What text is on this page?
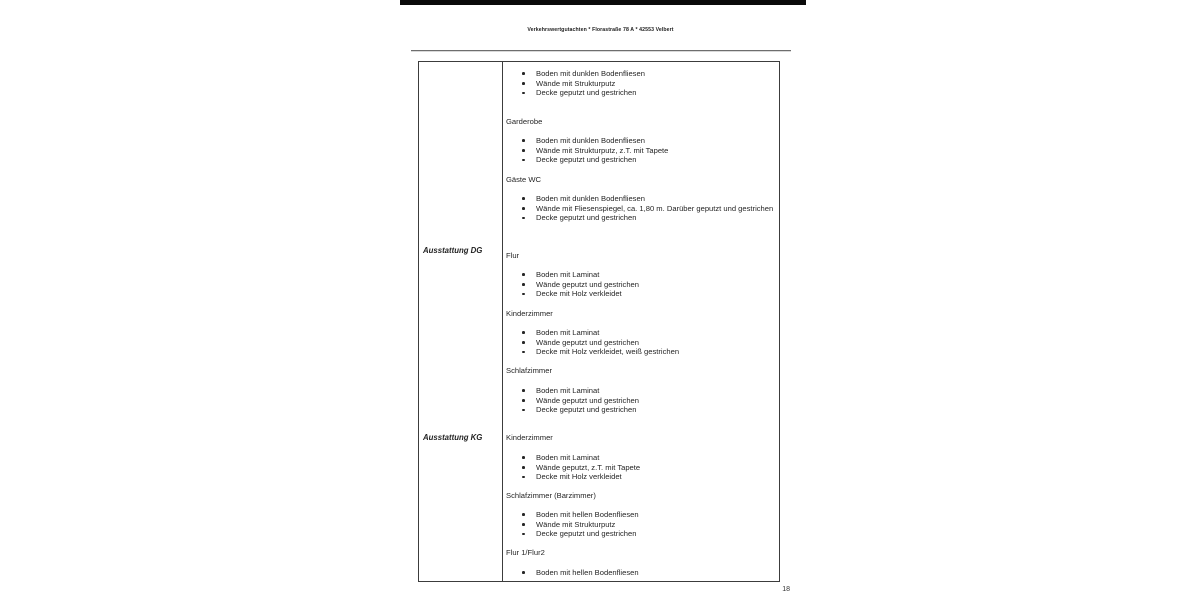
Verkehrswertgutachten * Florastraße 78 A * 42553 Velbert
Ausstattung DG
Ausstattung KG
Boden mit dunklen Bodenfliesen
Wände mit Strukturputz
Decke geputzt und gestrichen
Garderobe
Boden mit dunklen Bodenfliesen
Wände mit Strukturputz, z.T. mit Tapete
Decke geputzt und gestrichen
Gäste WC
Boden mit dunklen Bodenfliesen
Wände mit Fliesenspiegel, ca. 1,80 m. Darüber geputzt und gestrichen
Decke geputzt und gestrichen
Flur
Boden mit Laminat
Wände geputzt und gestrichen
Decke mit Holz verkleidet
Kinderzimmer
Boden mit Laminat
Wände geputzt und gestrichen
Decke mit Holz verkleidet, weiß gestrichen
Schlafzimmer
Boden mit Laminat
Wände geputzt und gestrichen
Decke geputzt und gestrichen
Kinderzimmer
Boden mit Laminat
Wände geputzt, z.T. mit Tapete
Decke mit Holz verkleidet
Schlafzimmer (Barzimmer)
Boden mit hellen Bodenfliesen
Wände mit Strukturputz
Decke geputzt und gestrichen
Flur 1/Flur2
Boden mit hellen Bodenfliesen
18
